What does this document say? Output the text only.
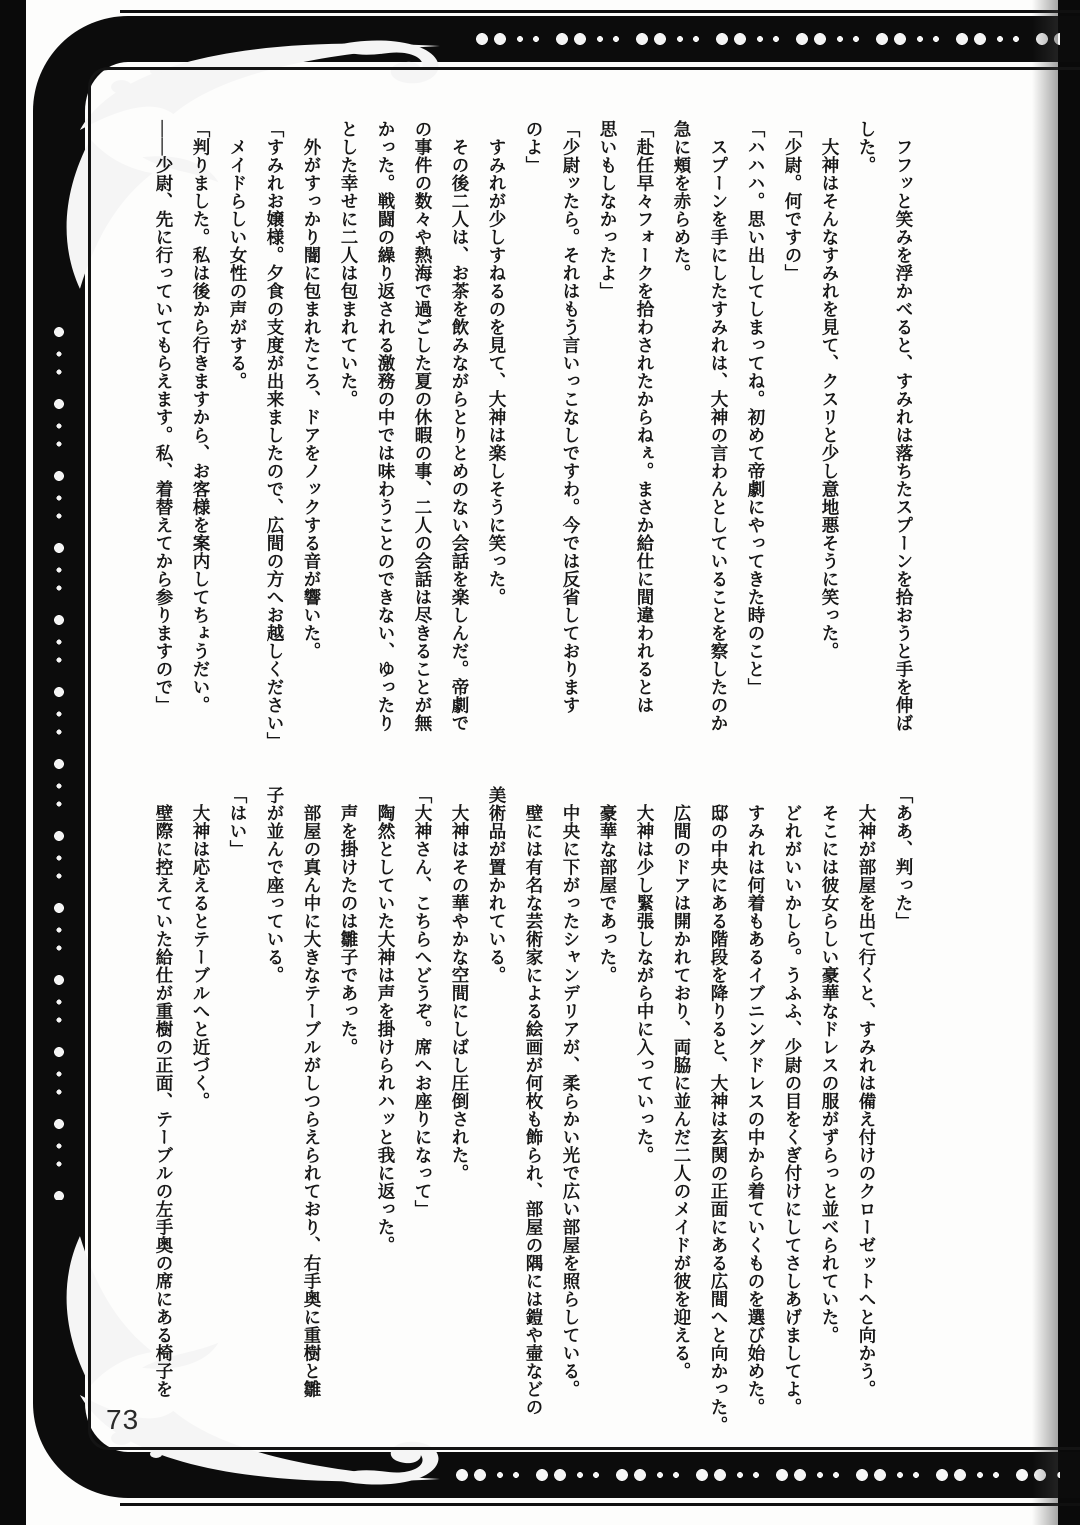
　フフッと笑みを浮かべると、すみれは落ちたスプーンを拾おうと手を伸ば
した。
　大神はそんなすみれを見て、クスリと少し意地悪そうに笑った。
「少尉。何ですの」
「ハハハ。思い出してしまってね。初めて帝劇にやってきた時のこと」
　スプーンを手にしたすみれは、大神の言わんとしていることを察したのか
急に頬を赤らめた。
「赴任早々フォークを拾わされたからねぇ。まさか給仕に間違われるとは
思いもしなかったよ」
「少尉ッたら。それはもう言いっこなしですわ。今では反省しております
のよ」
　すみれが少しすねるのを見て、大神は楽しそうに笑った。
　その後二人は、お茶を飲みながらとりとめのない会話を楽しんだ。帝劇で
の事件の数々や熱海で過ごした夏の休暇の事、二人の会話は尽きることが無
かった。戦闘の繰り返される激務の中では味わうことのできない、ゆったり
とした幸せに二人は包まれていた。
　外がすっかり闇に包まれたころ、ドアをノックする音が響いた。
「すみれお嬢様。夕食の支度が出来ましたので、広間の方へお越しください」
　メイドらしい女性の声がする。
「判りました。私は後から行きますから、お客様を案内してちょうだい。
――少尉、先に行っていてもらえます。私、着替えてから参りますので」
「ああ、判った」
　大神が部屋を出て行くと、すみれは備え付けのクローゼットへと向かう。
　そこには彼女らしい豪華なドレスの服がずらっと並べられていた。
　どれがいいかしら。うふふ、少尉の目をくぎ付けにしてさしあげましてよ。
　すみれは何着もあるイブニングドレスの中から着ていくものを選び始めた。
　邸の中央にある階段を降りると、大神は玄関の正面にある広間へと向かった。
　広間のドアは開かれており、両脇に並んだ二人のメイドが彼を迎える。
　大神は少し緊張しながら中に入っていった。
　豪華な部屋であった。
　中央に下がったシャンデリアが、柔らかい光で広い部屋を照らしている。
　壁には有名な芸術家による絵画が何枚も飾られ、部屋の隅には鎧や壷などの
美術品が置かれている。
　大神はその華やかな空間にしばし圧倒された。
「大神さん、こちらへどうぞ。席へお座りになって」
　陶然としていた大神は声を掛けられハッと我に返った。
　声を掛けたのは雛子であった。
　部屋の真ん中に大きなテーブルがしつらえられており、右手奥に重樹と雛
子が並んで座っている。
「はい」
　大神は応えるとテーブルへと近づく。
　壁際に控えていた給仕が重樹の正面、テーブルの左手奥の席にある椅子を
73
